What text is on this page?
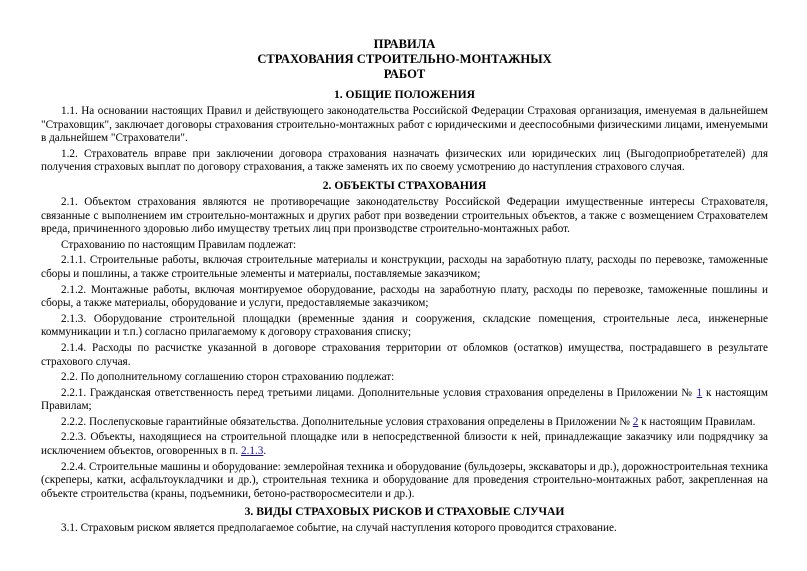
ПРАВИЛА
СТРАХОВАНИЯ СТРОИТЕЛЬНО-МОНТАЖНЫХ
РАБОТ
1. ОБЩИЕ ПОЛОЖЕНИЯ

1.1. На основании настоящих Правил и действующего законодательства Российской Федерации Страховая организация, именуемая в дальнейшем "Страховщик", заключает договоры страхования строительно-монтажных работ с юридическими и дееспособными физическими лицами, именуемыми в дальнейшем "Страхователи".

1.2. Страхователь вправе при заключении договора страхования назначать физических или юридических лиц (Выгодоприобретателей) для получения страховых выплат по договору страхования, а также заменять их по своему усмотрению до наступления страхового случая.

2. ОБЪЕКТЫ СТРАХОВАНИЯ

2.1. Объектом страхования являются не противоречащие законодательству Российской Федерации имущественные интересы Страхователя, связанные с выполнением им строительно-монтажных и других работ при возведении строительных объектов, а также с возмещением Страхователем вреда, причиненного здоровью либо имуществу третьих лиц при производстве строительно-монтажных работ.

Страхованию по настоящим Правилам подлежат:

2.1.1. Строительные работы, включая строительные материалы и конструкции, расходы на заработную плату, расходы по перевозке, таможенные сборы и пошлины, а также строительные элементы и материалы, поставляемые заказчиком;

2.1.2. Монтажные работы, включая монтируемое оборудование, расходы на заработную плату, расходы по перевозке, таможенные пошлины и сборы, а также материалы, оборудование и услуги, предоставляемые заказчиком;

2.1.3. Оборудование строительной площадки (временные здания и сооружения, складские помещения, строительные леса, инженерные коммуникации и т.п.) согласно прилагаемому к договору страхования списку;

2.1.4. Расходы по расчистке указанной в договоре страхования территории от обломков (остатков) имущества, пострадавшего в результате страхового случая.

2.2. По дополнительному соглашению сторон страхованию подлежат:

2.2.1. Гражданская ответственность перед третьими лицами. Дополнительные условия страхования определены в Приложении № 1 к настоящим Правилам;

2.2.2. Послепусковые гарантийные обязательства. Дополнительные условия страхования определены в Приложении № 2 к настоящим Правилам.

2.2.3. Объекты, находящиеся на строительной площадке или в непосредственной близости к ней, принадлежащие заказчику или подрядчику за исключением объектов, оговоренных в п. 2.1.3.

2.2.4. Строительные машины и оборудование: землеройная техника и оборудование (бульдозеры, экскаваторы и др.), дорожностроительная техника (скреперы, катки, асфальтоукладчики и др.), строительная техника и оборудование для проведения строительно-монтажных работ, закрепленная на объекте строительства (краны, подъемники, бетоно-растворосмесители и др.).

3. ВИДЫ СТРАХОВЫХ РИСКОВ И СТРАХОВЫЕ СЛУЧАИ

3.1. Страховым риском является предполагаемое событие, на случай наступления которого проводится страхование.
